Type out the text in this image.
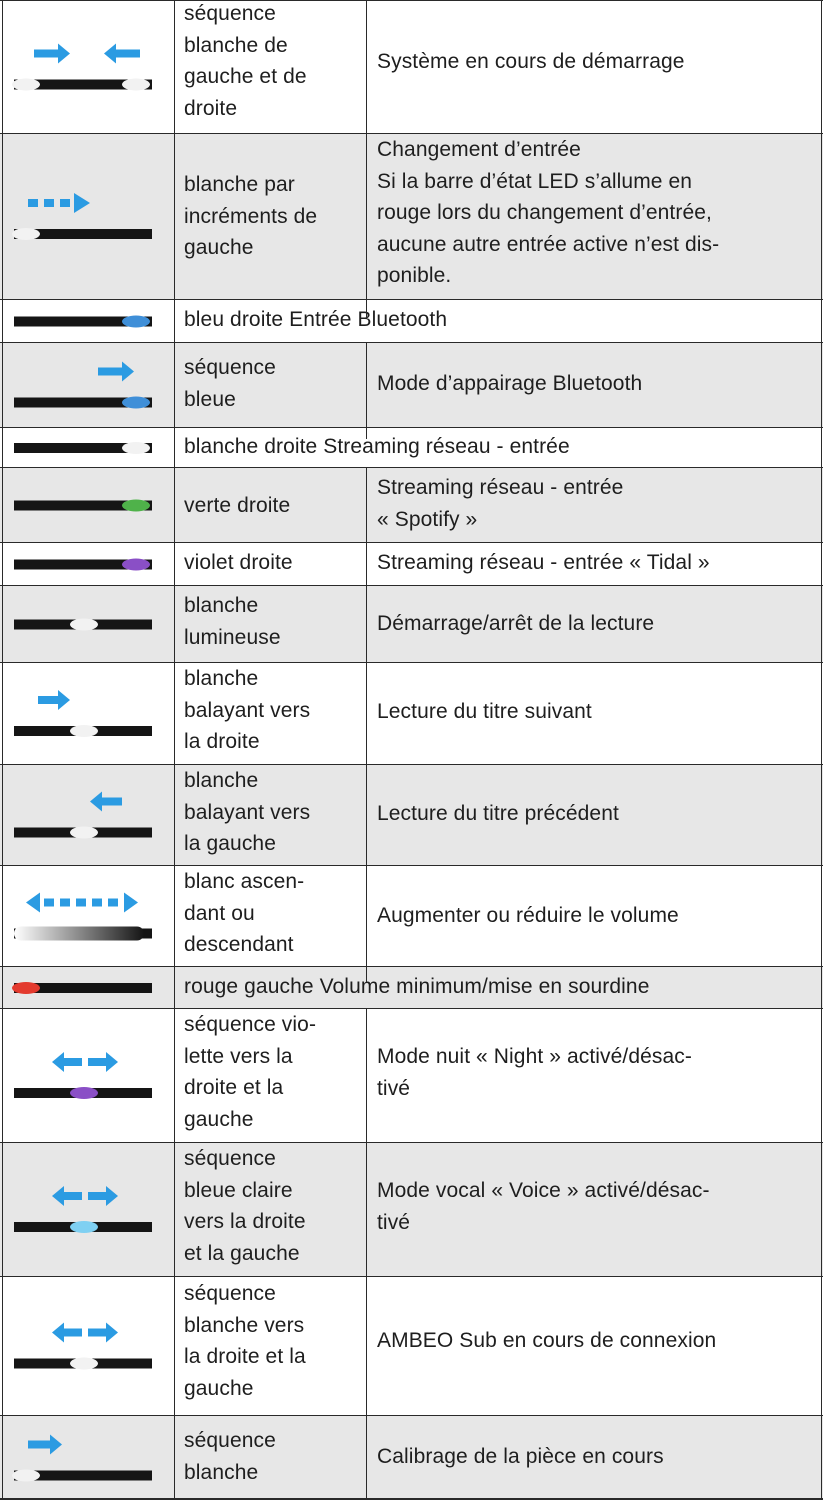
séquence
blanche de
gauche et de
droite
Système en cours de démarrage
blanche par
incréments de
gauche
Changement d’entrée
Si la barre d’état LED s’allume en
rouge lors du changement d’entrée,
aucune autre entrée active n’est dis-
ponible.
bleu droite Entrée Bluetooth
séquence
bleue
Mode d’appairage Bluetooth
blanche droite Streaming réseau - entrée
verte droite
Streaming réseau - entrée
« Spotify »
violet droite	Streaming réseau - entrée « Tidal »
blanche
lumineuse
Démarrage/arrêt de la lecture
blanche
balayant vers
la droite
Lecture du titre suivant
blanche
balayant vers
la gauche
Lecture du titre précédent
blanc ascen-
dant ou
descendant
Augmenter ou réduire le volume
rouge gauche Volume minimum/mise en sourdine
séquence vio-
lette vers la
droite et la
gauche
Mode nuit « Night » activé/désac-
tivé
séquence
bleue claire
vers la droite
et la gauche
Mode vocal « Voice » activé/désac-
tivé
séquence
blanche vers
la droite et la
gauche
AMBEO Sub en cours de connexion
séquence
blanche
Calibrage de la pièce en cours
